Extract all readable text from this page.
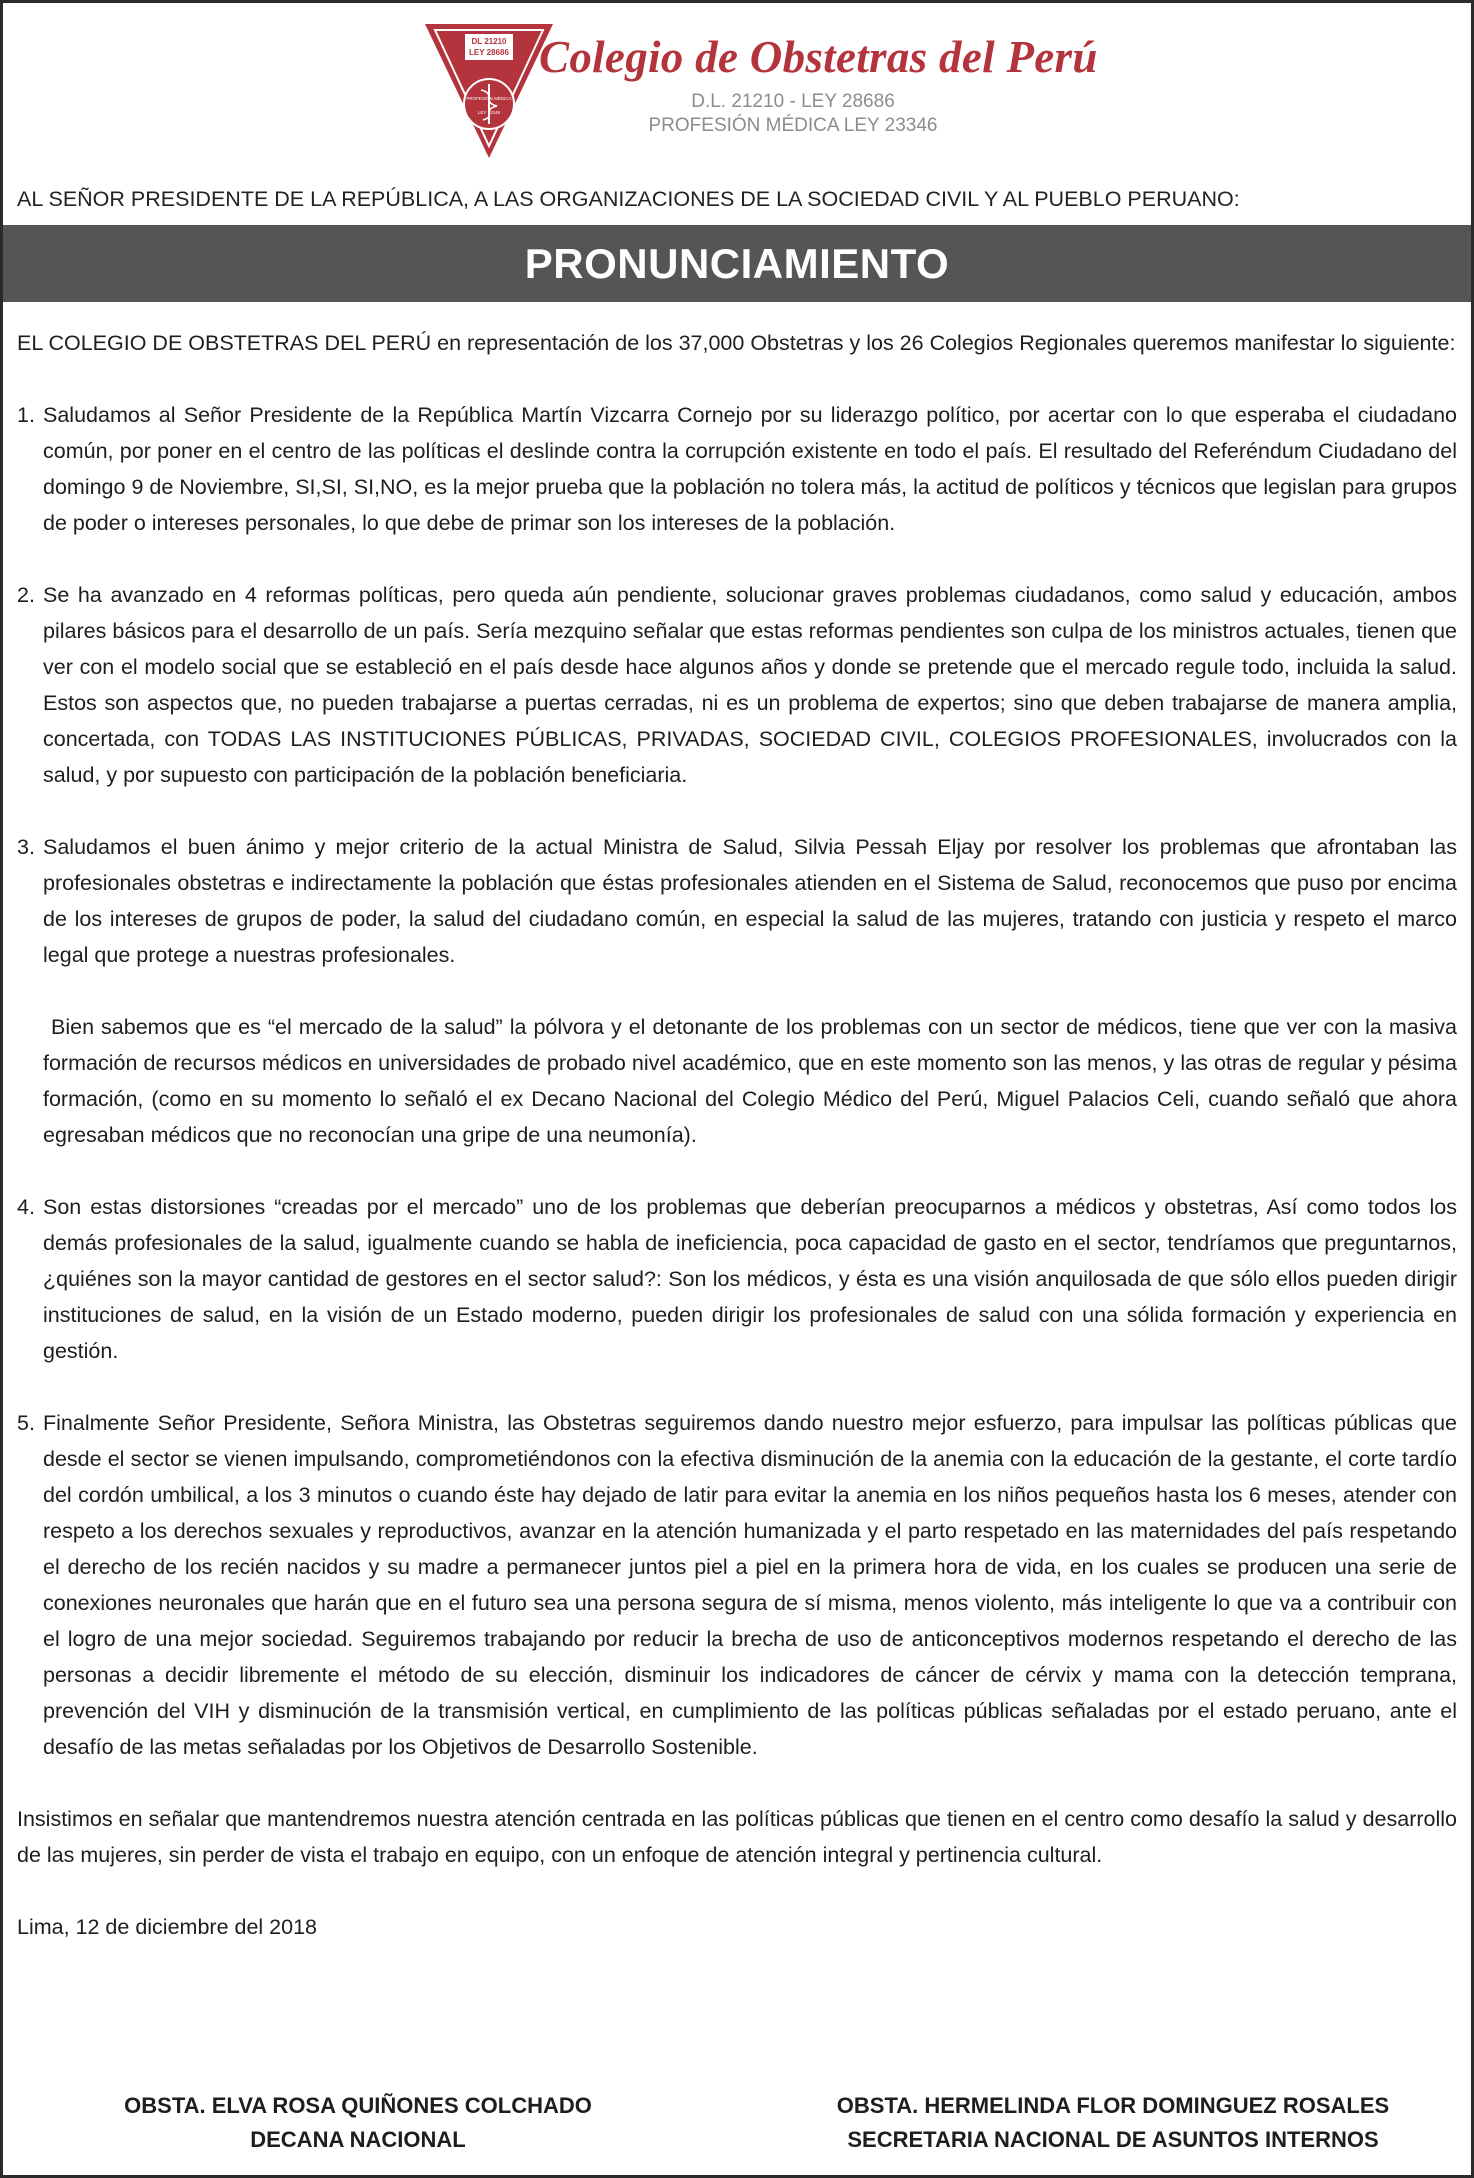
DL 21210
LEY 28686
PROFESIÓN MÉDICA
LEY 23346
Colegio de Obstetras del Perú
D.L. 21210 - LEY 28686
PROFESIÓN MÉDICA LEY 23346
AL SEÑOR PRESIDENTE DE LA REPÚBLICA, A LAS ORGANIZACIONES DE LA SOCIEDAD CIVIL Y AL PUEBLO PERUANO:
PRONUNCIAMIENTO

EL COLEGIO DE OBSTETRAS DEL PERÚ en representación de los 37,000 Obstetras y los 26 Colegios Regionales queremos manifestar lo siguiente:

1. Saludamos al Señor Presidente de la República Martín Vizcarra Cornejo por su liderazgo político, por acertar con lo que esperaba el ciudadano común, por poner en el centro de las políticas el deslinde contra la corrupción existente en todo el país. El resultado del Referéndum Ciudadano del domingo 9 de Noviembre, SI,SI, SI,NO, es la mejor prueba que la población no tolera más, la actitud de políticos y técnicos que legislan para grupos de poder o intereses personales, lo que debe de primar son los intereses de la población.

2. Se ha avanzado en 4 reformas políticas, pero queda aún pendiente, solucionar graves problemas ciudadanos, como salud y educación, ambos pilares básicos para el desarrollo de un país. Sería mezquino señalar que estas reformas pendientes son culpa de los ministros actuales, tienen que ver con el modelo social que se estableció en el país desde hace algunos años y donde se pretende que el mercado regule todo, incluida la salud. Estos son aspectos que, no pueden trabajarse a puertas cerradas, ni es un problema de expertos; sino que deben trabajarse de manera amplia, concertada, con TODAS LAS INSTITUCIONES PÚBLICAS, PRIVADAS, SOCIEDAD CIVIL, COLEGIOS PROFESIONALES, involucrados con la salud, y por supuesto con participación de la población beneficiaria.

3. Saludamos el buen ánimo y mejor criterio de la actual Ministra de Salud, Silvia Pessah Eljay por resolver los problemas que afrontaban las profesionales obstetras e indirectamente la población que éstas profesionales atienden en el Sistema de Salud, reconocemos que puso por encima de los intereses de grupos de poder, la salud del ciudadano común, en especial la salud de las mujeres, tratando con justicia y respeto el marco legal que protege a nuestras profesionales.

Bien sabemos que es “el mercado de la salud” la pólvora y el detonante de los problemas con un sector de médicos, tiene que ver con la masiva formación de recursos médicos en universidades de probado nivel académico, que en este momento son las menos, y las otras de regular y pésima formación, (como en su momento lo señaló el ex Decano Nacional del Colegio Médico del Perú, Miguel Palacios Celi, cuando señaló que ahora egresaban médicos que no reconocían una gripe de una neumonía).

4. Son estas distorsiones “creadas por el mercado” uno de los problemas que deberían preocuparnos a médicos y obstetras, Así como todos los demás profesionales de la salud, igualmente cuando se habla de ineficiencia, poca capacidad de gasto en el sector, tendríamos que preguntarnos, ¿quiénes son la mayor cantidad de gestores en el sector salud?: Son los médicos, y ésta es una visión anquilosada de que sólo ellos pueden dirigir instituciones de salud, en la visión de un Estado moderno, pueden dirigir los profesionales de salud con una sólida formación y experiencia en gestión.

5. Finalmente Señor Presidente, Señora Ministra, las Obstetras seguiremos dando nuestro mejor esfuerzo, para impulsar las políticas públicas que desde el sector se vienen impulsando, comprometiéndonos con la efectiva disminución de la anemia con la educación de la gestante, el corte tardío del cordón umbilical, a los 3 minutos o cuando éste hay dejado de latir para evitar la anemia en los niños pequeños hasta los 6 meses, atender con respeto a los derechos sexuales y reproductivos, avanzar en la atención humanizada y el parto respetado en las maternidades del país respetando el derecho de los recién nacidos y su madre a permanecer juntos piel a piel en la primera hora de vida, en los cuales se producen una serie de conexiones neuronales que harán que en el futuro sea una persona segura de sí misma, menos violento, más inteligente lo que va a contribuir con el logro de una mejor sociedad. Seguiremos trabajando por reducir la brecha de uso de anticonceptivos modernos respetando el derecho de las personas a decidir libremente el método de su elección, disminuir los indicadores de cáncer de cérvix y mama con la detección temprana, prevención del VIH y disminución de la transmisión vertical, en cumplimiento de las políticas públicas señaladas por el estado peruano, ante el desafío de las metas señaladas por los Objetivos de Desarrollo Sostenible.

Insistimos en señalar que mantendremos nuestra atención centrada en las políticas públicas que tienen en el centro como desafío la salud y desarrollo de las mujeres, sin perder de vista el trabajo en equipo, con un enfoque de atención integral y pertinencia cultural.

Lima, 12 de diciembre del 2018

OBSTA. ELVA ROSA QUIÑONES COLCHADO
DECANA NACIONAL
OBSTA. HERMELINDA FLOR DOMINGUEZ ROSALES
SECRETARIA NACIONAL DE ASUNTOS INTERNOS
